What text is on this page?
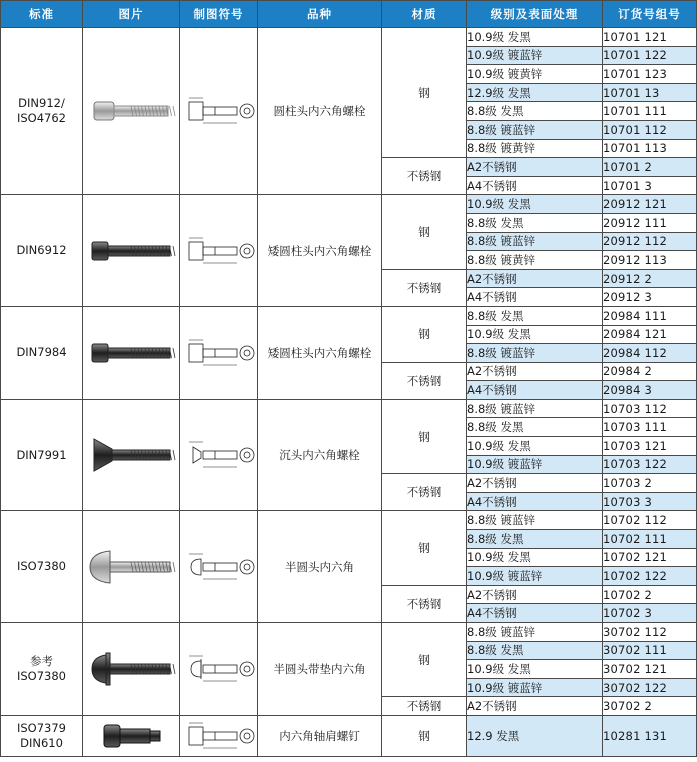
标准	图片	制图符号	品种	材质	级别及表面处理	订货号组号

DIN912/
ISO4762			圆柱头内六角螺栓	钢	10.9级 发黑	10701 121
					10.9级 镀蓝锌	10701 122
					10.9级 镀黄锌	10701 123
					12.9级 发黑	10701 13
					8.8级 发黑	10701 111
					8.8级 镀蓝锌	10701 112
					8.8级 镀黄锌	10701 113
				不锈钢	A2不锈钢	10701 2
					A4不锈钢	10701 3

DIN6912			矮圆柱头内六角螺栓	钢	10.9级 发黑	20912 121
					8.8级 发黑	20912 111
					8.8级 镀蓝锌	20912 112
					8.8级 镀黄锌	20912 113
				不锈钢	A2不锈钢	20912 2
					A4不锈钢	20912 3

DIN7984			矮圆柱头内六角螺栓	钢	8.8级 发黑	20984 111
					10.9级 发黑	20984 121
					8.8级 镀蓝锌	20984 112
				不锈钢	A2不锈钢	20984 2
					A4不锈钢	20984 3

DIN7991			沉头内六角螺栓	钢	8.8级 镀蓝锌	10703 112
					8.8级 发黑	10703 111
					10.9级 发黑	10703 121
					10.9级 镀蓝锌	10703 122
				不锈钢	A2不锈钢	10703 2
					A4不锈钢	10703 3

ISO7380			半圆头内六角	钢	8.8级 镀蓝锌	10702 112
					8.8级 发黑	10702 111
					10.9级 发黑	10702 121
					10.9级 镀蓝锌	10702 122
				不锈钢	A2不锈钢	10702 2
					A4不锈钢	10702 3

参考
ISO7380			半圆头带垫内六角	钢	8.8级 镀蓝锌	30702 112
					8.8级 发黑	30702 111
					10.9级 发黑	30702 121
					10.9级 镀蓝锌	30702 122
				不锈钢	A2不锈钢	30702 2

ISO7379
DIN610			内六角轴肩螺钉	钢	12.9 发黑	10281 131
